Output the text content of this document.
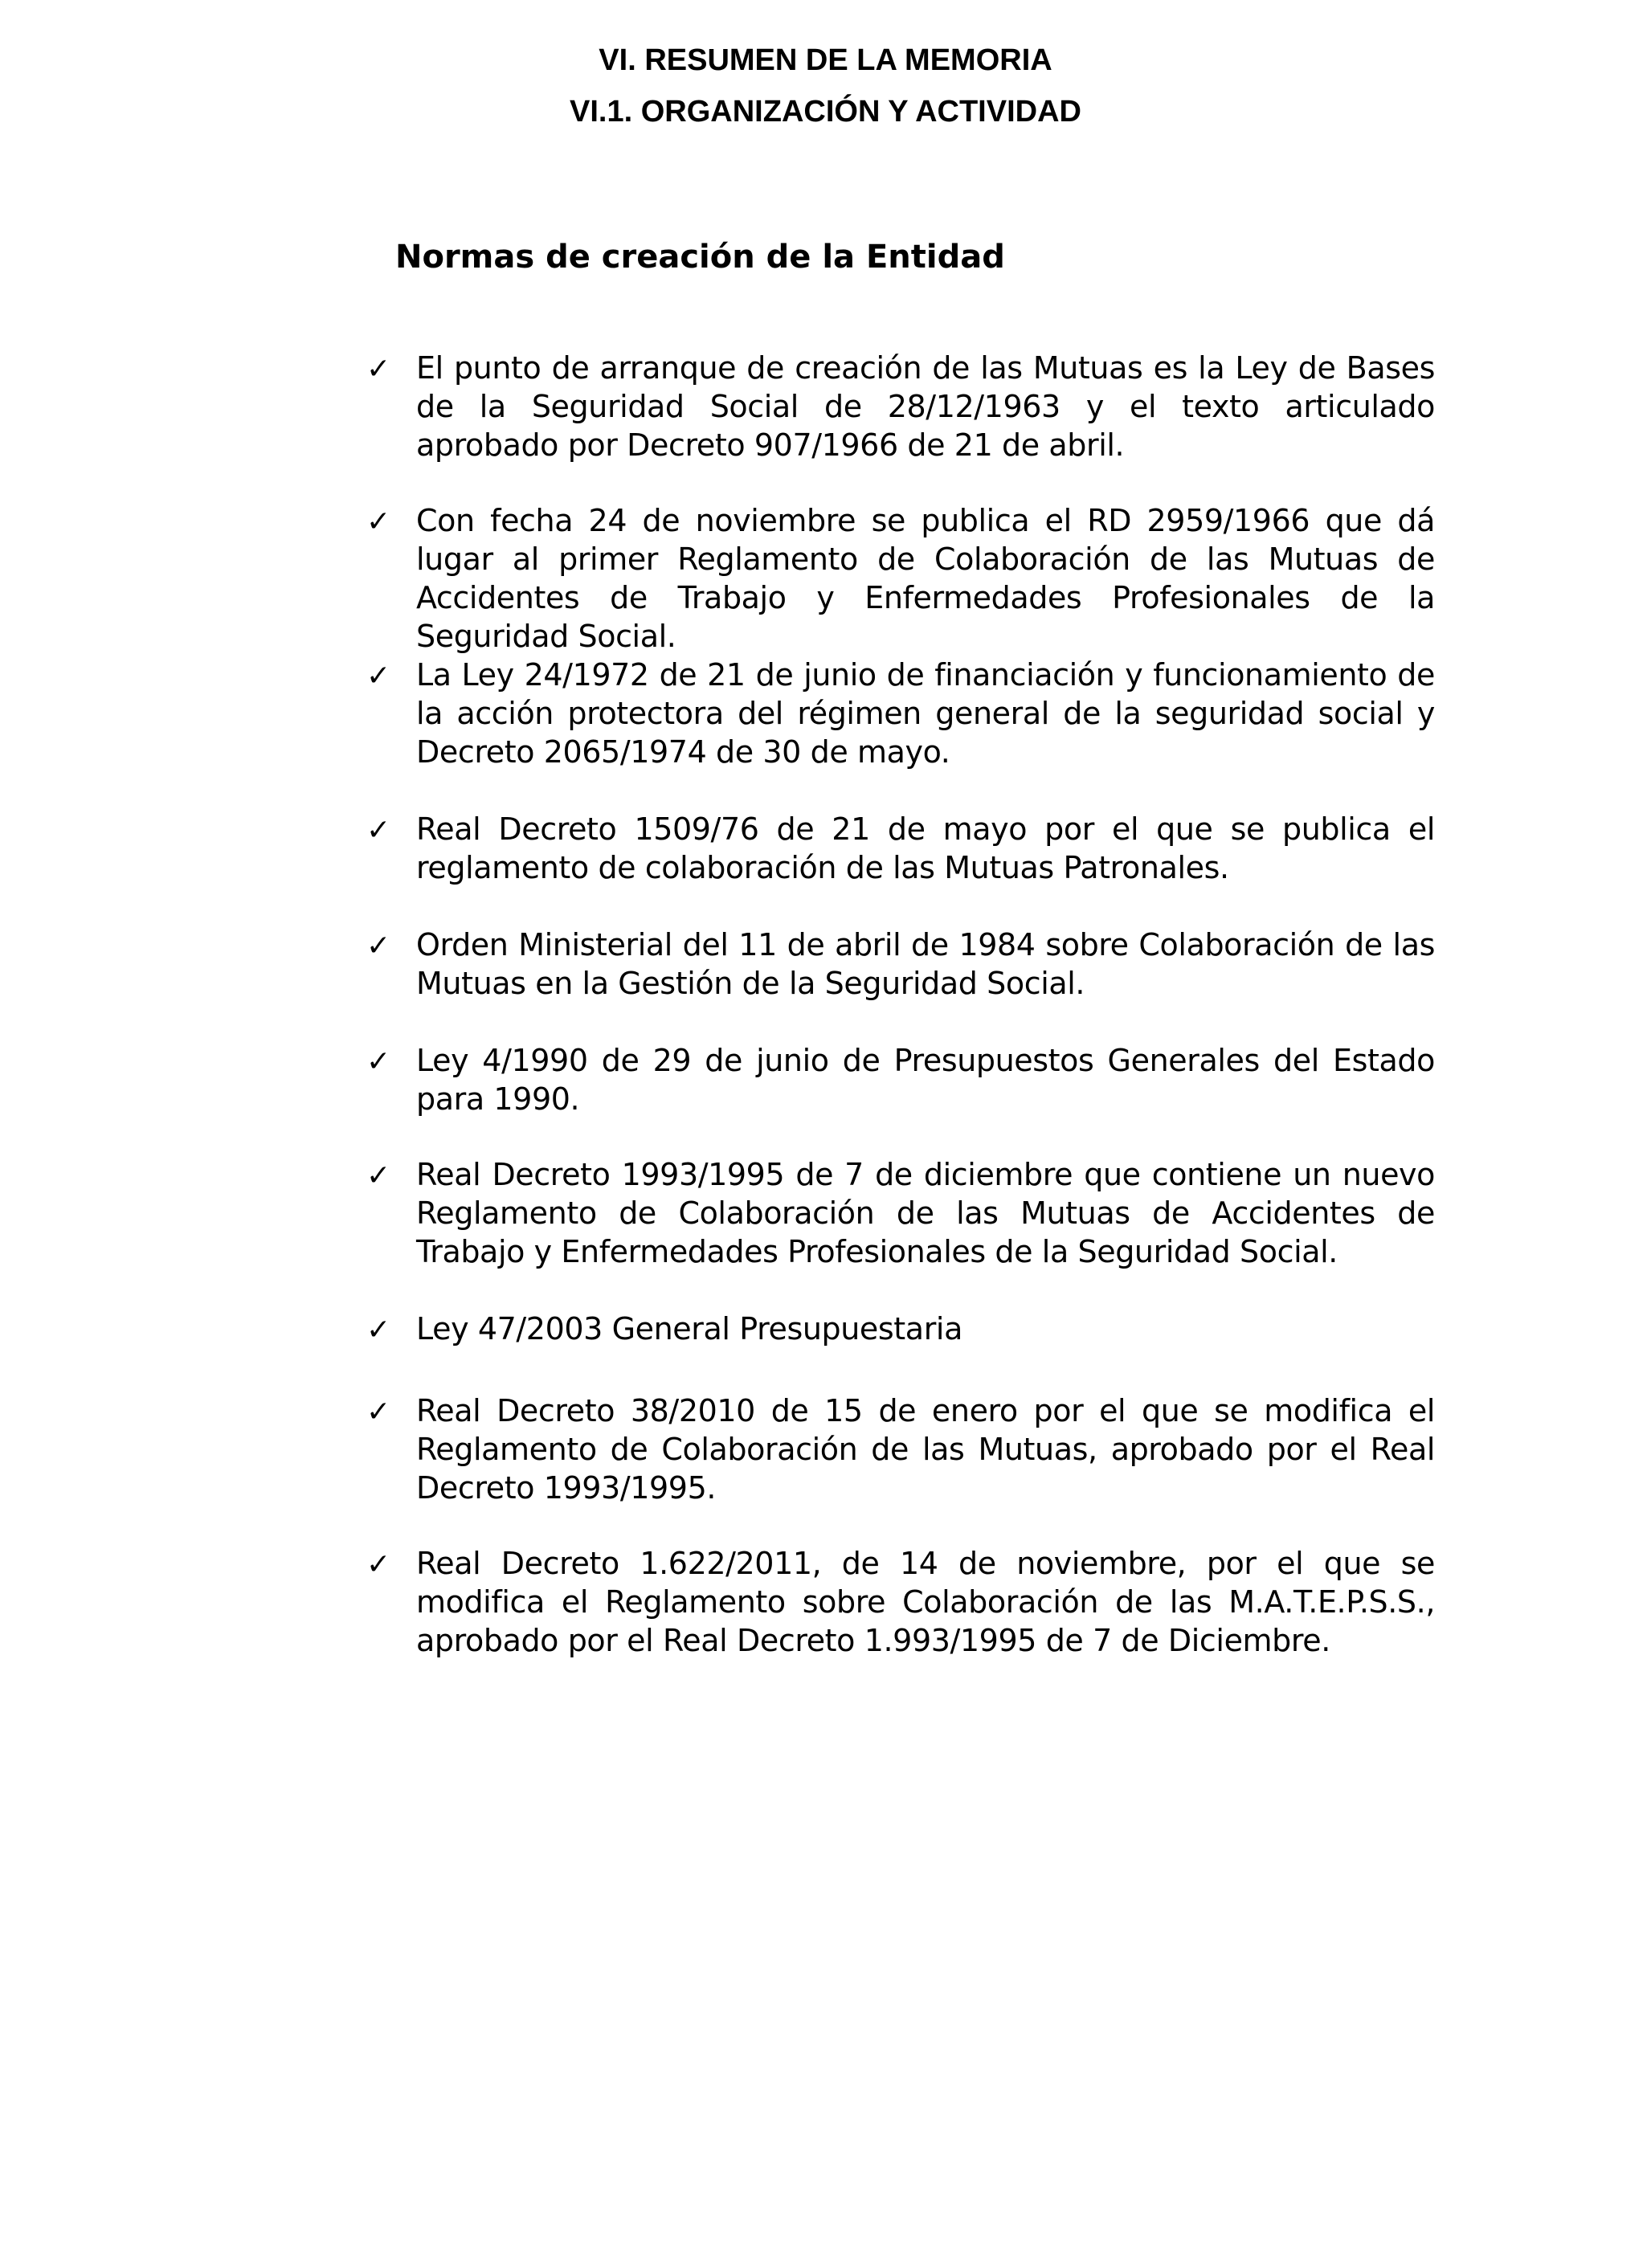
VI. RESUMEN DE LA MEMORIA
VI.1. ORGANIZACIÓN Y ACTIVIDAD
Normas de creación de la Entidad
✓ El punto de arranque de creación de las Mutuas es la Ley de Bases de la Seguridad Social de 28/12/1963 y el texto articulado aprobado por Decreto 907/1966 de 21 de abril.
✓ Con fecha 24 de noviembre se publica el RD 2959/1966 que dá lugar al primer Reglamento de Colaboración de las Mutuas de Accidentes de Trabajo y Enfermedades Profesionales de la Seguridad Social.
✓ La Ley 24/1972 de 21 de junio de financiación y funcionamiento de la acción protectora del régimen general de la seguridad social y Decreto 2065/1974 de 30 de mayo.
✓ Real Decreto 1509/76 de 21 de mayo por el que se publica el reglamento de colaboración de las Mutuas Patronales.
✓ Orden Ministerial del 11 de abril de 1984 sobre Colaboración de las Mutuas en la Gestión de la Seguridad Social.
✓ Ley 4/1990 de 29 de junio de Presupuestos Generales del Estado para 1990.
✓ Real Decreto 1993/1995 de 7 de diciembre que contiene un nuevo Reglamento de Colaboración de las Mutuas de Accidentes de Trabajo y Enfermedades Profesionales de la Seguridad Social.
✓ Ley 47/2003 General Presupuestaria
✓ Real Decreto 38/2010 de 15 de enero por el que se modifica el Reglamento de Colaboración de las Mutuas, aprobado por el Real Decreto 1993/1995.
✓ Real Decreto 1.622/2011, de 14 de noviembre, por el que se modifica el Reglamento sobre Colaboración de las M.A.T.E.P.S.S., aprobado por el Real Decreto 1.993/1995 de 7 de Diciembre.
